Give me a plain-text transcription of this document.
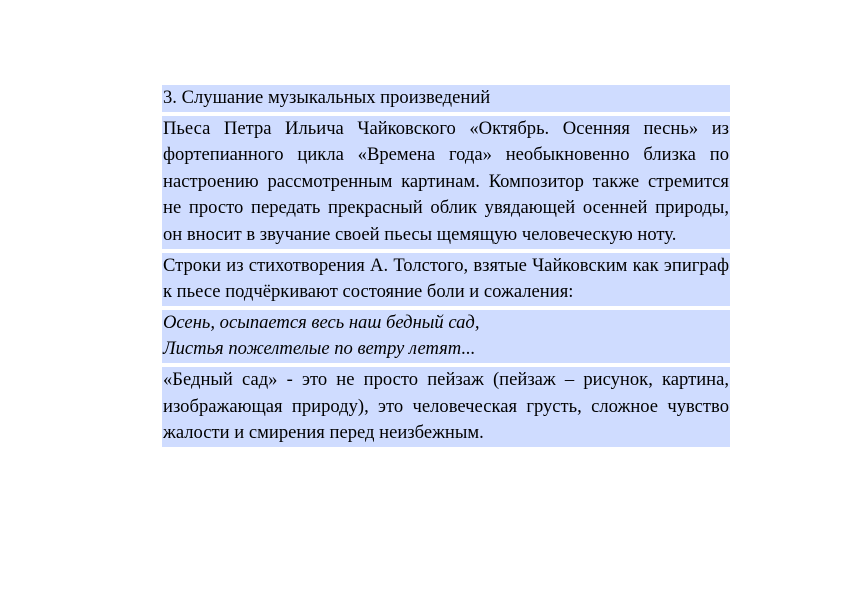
3. Слушание музыкальных произведений

Пьеса Петра Ильича Чайковского «Октябрь. Осенняя песнь» из фортепианного цикла «Времена года» необыкновенно близка по настроению рассмотренным картинам. Композитор также стремится не просто передать прекрасный облик увядающей осенней природы, он вносит в звучание своей пьесы щемящую человеческую ноту.

Строки из стихотворения А. Толстого, взятые Чайковским как эпиграф к пьесе подчёркивают состояние боли и сожаления:

Осень, осыпается весь наш бедный сад,
Листья пожелтелые по ветру летят...

«Бедный сад» - это не просто пейзаж (пейзаж – рисунок, картина, изображающая природу), это человеческая грусть, сложное чувство жалости и смирения перед неизбежным.
